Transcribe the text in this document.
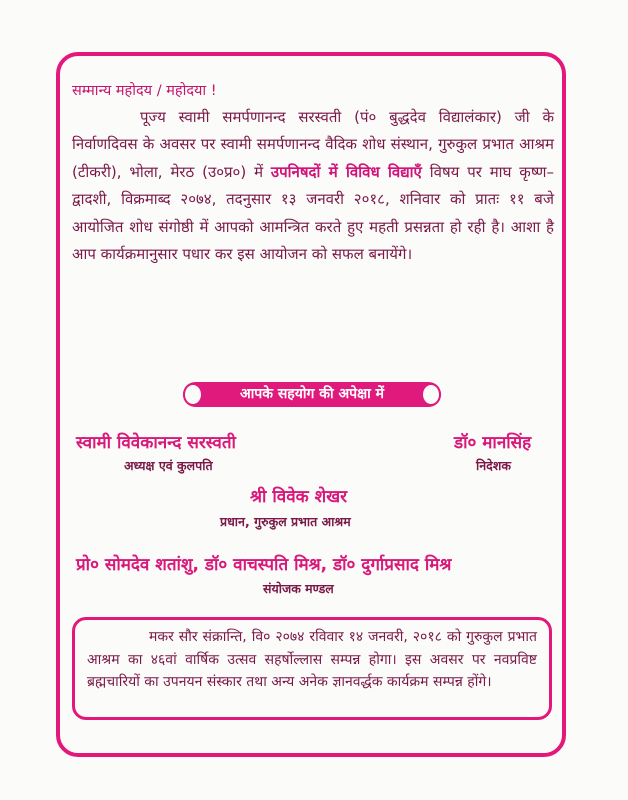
सम्मान्य महोदय / महोदया !

पूज्य स्वामी समर्पणानन्द सरस्वती (पं० बुद्धदेव विद्यालंकार) जी के निर्वाणदिवस के अवसर पर स्वामी समर्पणानन्द वैदिक शोध संस्थान, गुरुकुल प्रभात आश्रम (टीकरी), भोला, मेरठ (उ०प्र०) में उपनिषदों में विविध विद्याएँ विषय पर माघ कृष्ण–द्वादशी, विक्रमाब्द २०७४, तदनुसार १३ जनवरी २०१८, शनिवार को प्रातः ११ बजे आयोजित शोध संगोष्ठी में आपको आमन्त्रित करते हुए महती प्रसन्नता हो रही है। आशा है आप कार्यक्रमानुसार पधार कर इस आयोजन को सफल बनायेंगे।

आपके सहयोग की अपेक्षा में
स्वामी विवेकानन्द सरस्वती
अध्यक्ष एवं कुलपति
डॉ० मानसिंह
निदेशक
श्री विवेक शेखर
प्रधान, गुरुकुल प्रभात आश्रम
प्रो० सोमदेव शतांशु, डॉ० वाचस्पति मिश्र, डॉ० दुर्गाप्रसाद मिश्र
संयोजक मण्डल

मकर सौर संक्रान्ति, वि० २०७४ रविवार १४ जनवरी, २०१८ को गुरुकुल प्रभात आश्रम का ४६वां वार्षिक उत्सव सहर्षोल्लास सम्पन्न होगा। इस अवसर पर नवप्रविष्ट ब्रह्मचारियों का उपनयन संस्कार तथा अन्य अनेक ज्ञानवर्द्धक कार्यक्रम सम्पन्न होंगे।
